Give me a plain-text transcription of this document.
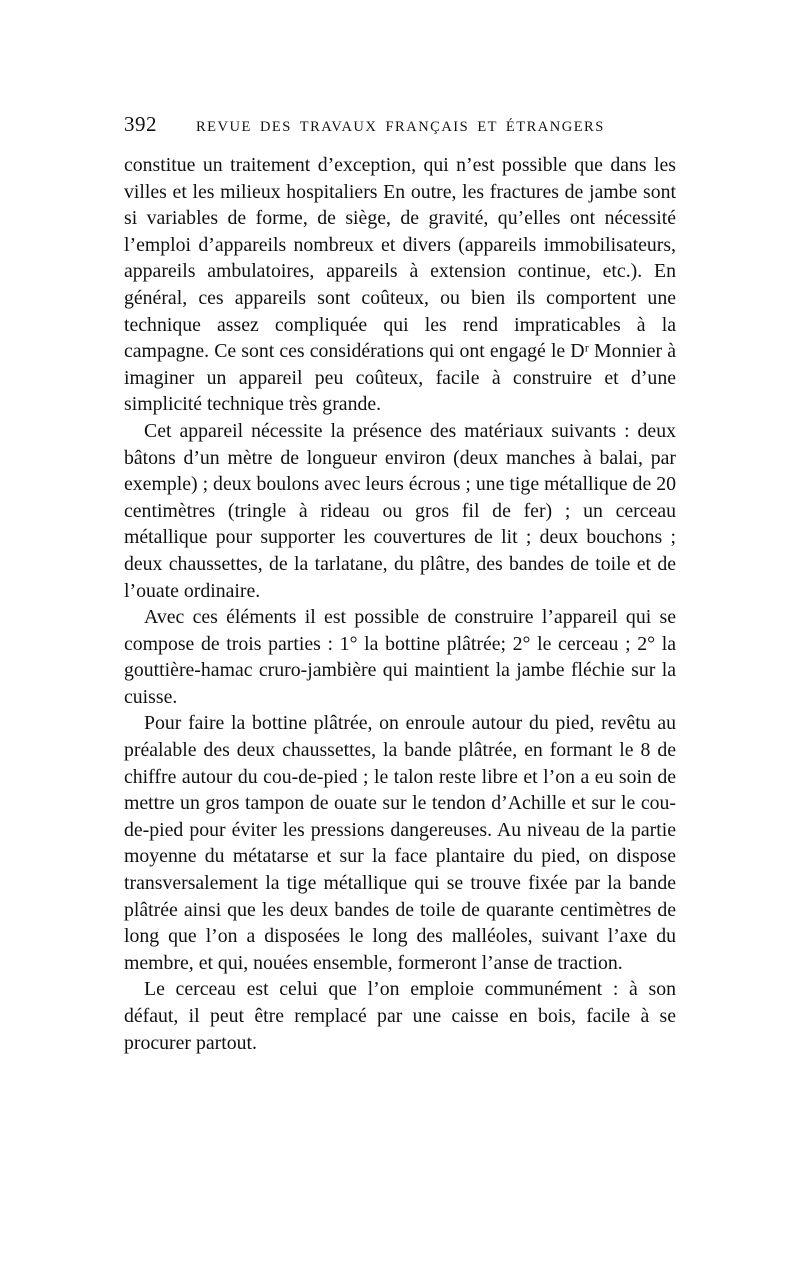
392	REVUE DES TRAVAUX FRANÇAIS ET ÉTRANGERS

constitue un traitement d’exception, qui n’est possible que dans les villes et les milieux hospitaliers En outre, les fractures de jambe sont si variables de forme, de siège, de gravité, qu’elles ont nécessité l’emploi d’appareils nombreux et divers (appareils immobilisateurs, appareils ambulatoires, appareils à extension continue, etc.). En général, ces appareils sont coûteux, ou bien ils comportent une technique assez compliquée qui les rend impraticables à la campagne. Ce sont ces considérations qui ont engagé le Dʳ Monnier à imaginer un appareil peu coûteux, facile à construire et d’une simplicité technique très grande.

Cet appareil nécessite la présence des matériaux suivants : deux bâtons d’un mètre de longueur environ (deux manches à balai, par exemple) ; deux boulons avec leurs écrous ; une tige métallique de 20 centimètres (tringle à rideau ou gros fil de fer) ; un cerceau métallique pour supporter les couvertures de lit ; deux bouchons ; deux chaussettes, de la tarlatane, du plâtre, des bandes de toile et de l’ouate ordinaire.

Avec ces éléments il est possible de construire l’appareil qui se compose de trois parties : 1° la bottine plâtrée; 2° le cerceau ; 2° la gouttière-hamac cruro-jambière qui maintient la jambe fléchie sur la cuisse.

Pour faire la bottine plâtrée, on enroule autour du pied, revêtu au préalable des deux chaussettes, la bande plâtrée, en formant le 8 de chiffre autour du cou-de-pied ; le talon reste libre et l’on a eu soin de mettre un gros tampon de ouate sur le tendon d’Achille et sur le cou-de-pied pour éviter les pressions dangereuses. Au niveau de la partie moyenne du métatarse et sur la face plantaire du pied, on dispose transversalement la tige métallique qui se trouve fixée par la bande plâtrée ainsi que les deux bandes de toile de quarante centimètres de long que l’on a disposées le long des malléoles, suivant l’axe du membre, et qui, nouées ensemble, formeront l’anse de traction.

Le cerceau est celui que l’on emploie communément : à son défaut, il peut être remplacé par une caisse en bois, facile à se procurer partout.
